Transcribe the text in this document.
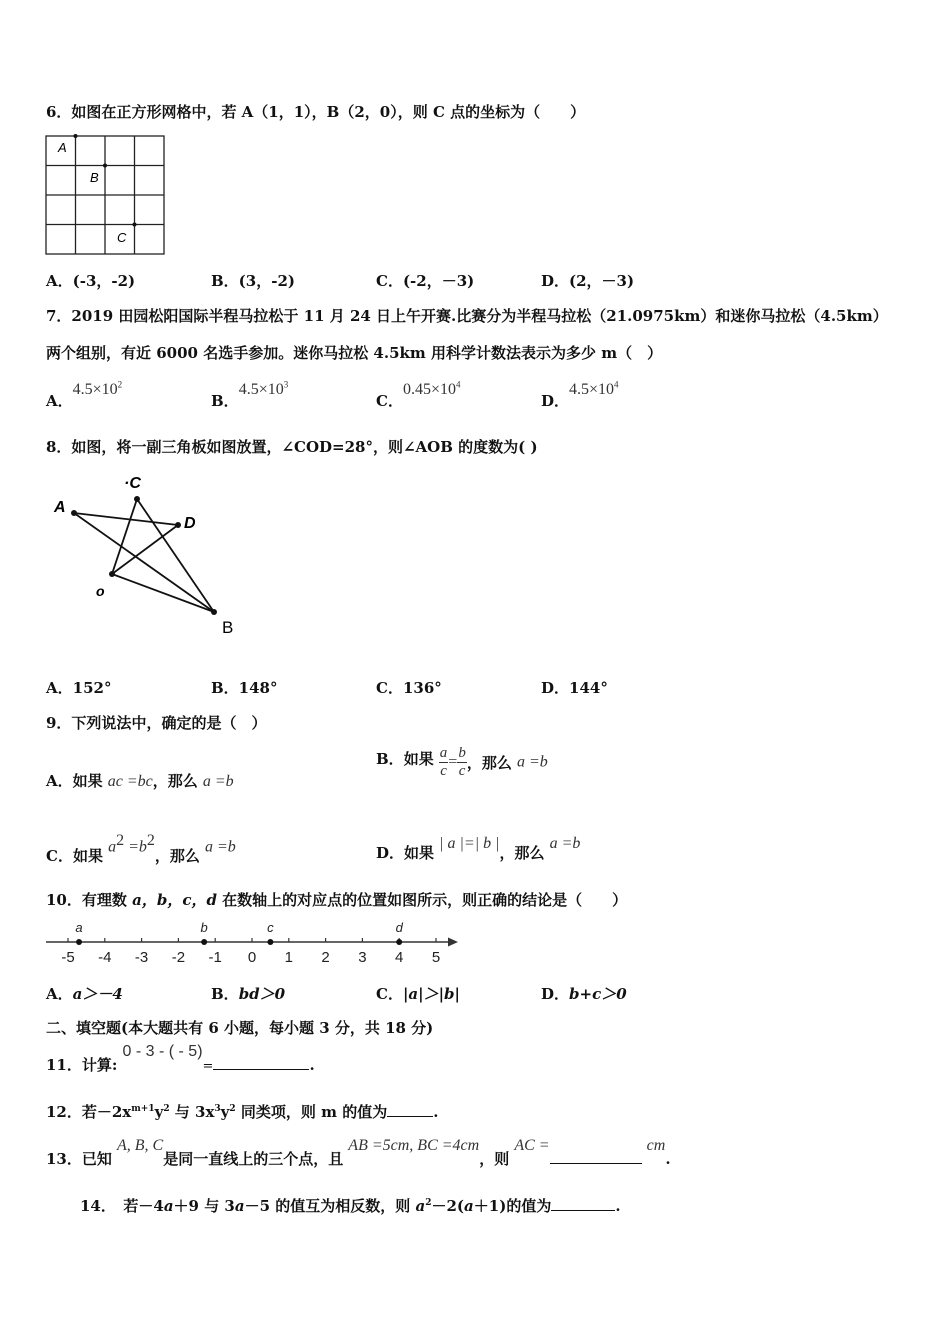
6．如图在正方形网格中，若 A（1，1），B（2，0），则 C 点的坐标为（　　）
A
B
C
A．(-3，-2)	B．(3，-2)	C．(-2，－3)	D．(2，－3)
7．2019 田园松阳国际半程马拉松于 11 月 24 日上午开赛.比赛分为半程马拉松（21.0975km）和迷你马拉松（4.5km）
两个组别，有近 6000 名选手参加。迷你马拉松 4.5km 用科学计数法表示为多少 m（　）
A．$4.5\times 10^2$
B．$4.5\times 10^3$
C．$0.45\times 10^4$
D．$4.5\times 10^4$
8．如图，将一副三角板如图放置，∠COD=28°，则∠AOB 的度数为( )
A
·C
D
o
B
A．152°	B．148°	C．136°	D．144°
9．下列说法中，确定的是（　）
A．如果 ac =bc，那么 a =b
B．如果 $\frac{a}{c} = \frac{b}{c}$ ，那么 a =b
C．如果 $a^2 =b^2$，那么 a =b	D．如果 | a |=| b |，那么 a =b
10．有理数 a，b，c，d 在数轴上的对应点的位置如图所示，则正确的结论是（　　）
-5 -4 -3 -2 -1 0 1 2 3 4 5
a	b	c	d
A．a＞－4	B．bd＞0	C．|a|＞|b|	D．b+c＞0
二、填空题(本大题共有 6 小题，每小题 3 分，共 18 分)
11．计算: 0 - 3 - ( - $5)_=$	.
12．若$-2x^{m+1}y^2$ 与 $3x^3y^2$ 同类项，则 m 的值为	.
13．已知 A, B, C是同一直线上的三个点，且 AB =5cm, BC =4cm，则 AC =	cm.
14．　若－4a＋9 与 3a－5 的值互为相反数，则 $a^2-2(a+1)$的值为	.
